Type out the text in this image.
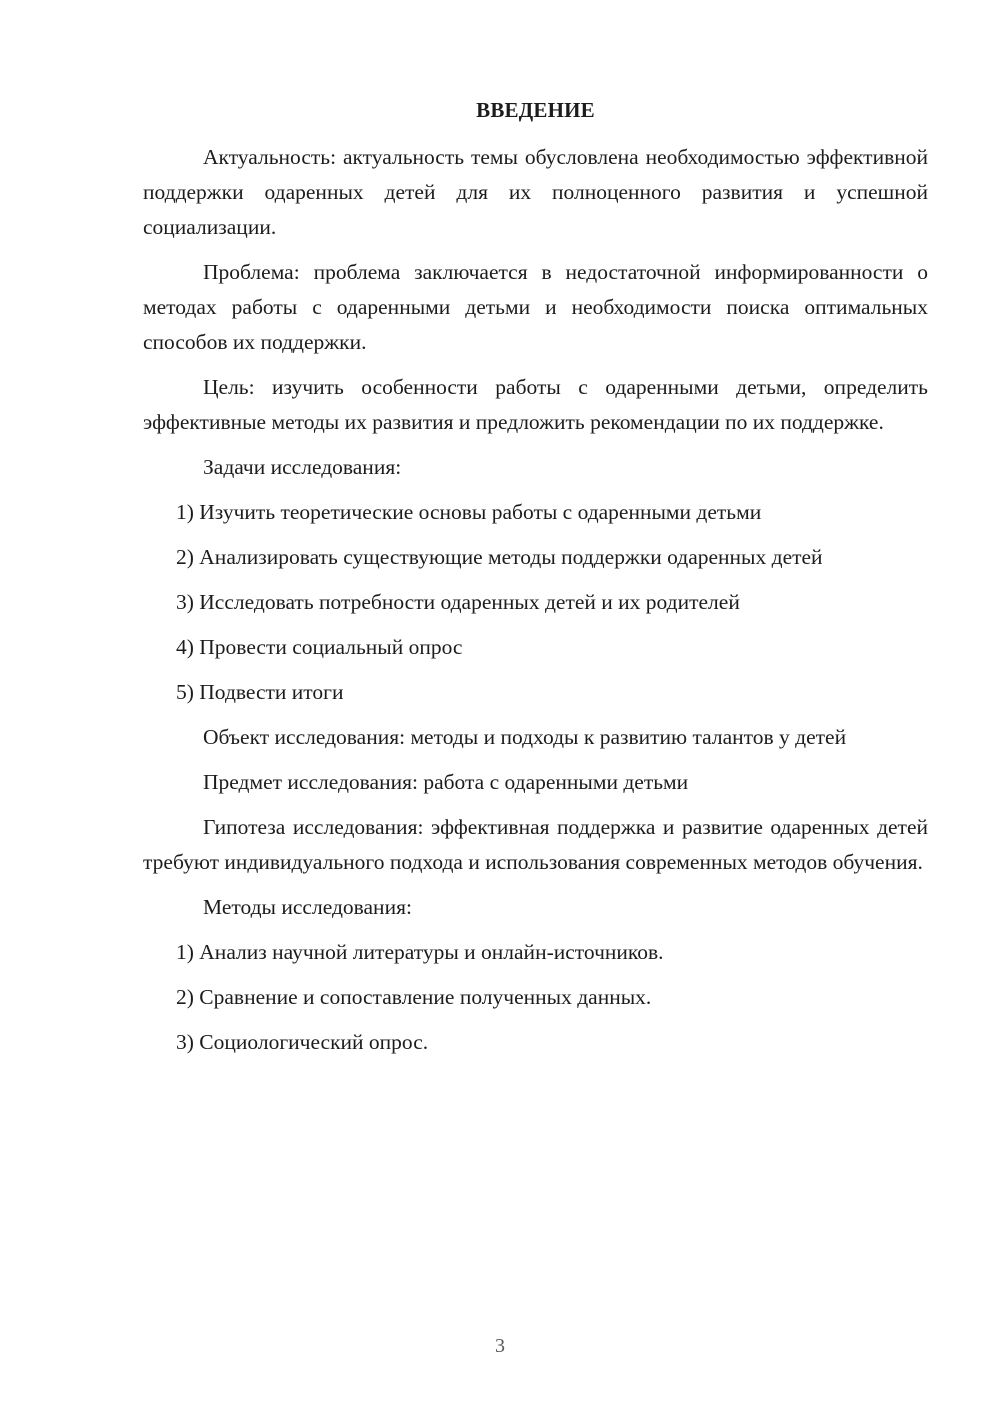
ВВЕДЕНИЕ

Актуальность: актуальность темы обусловлена необходимостью эффективной поддержки одаренных детей для их полноценного развития и успешной социализации.

Проблема: проблема заключается в недостаточной информированности о методах работы с одаренными детьми и необходимости поиска оптимальных способов их поддержки.

Цель: изучить особенности работы с одаренными детьми, определить эффективные методы их развития и предложить рекомендации по их поддержке.

Задачи исследования:

1) Изучить теоретические основы работы с одаренными детьми
2) Анализировать существующие методы поддержки одаренных детей
3) Исследовать потребности одаренных детей и их родителей
4) Провести социальный опрос
5) Подвести итоги

Объект исследования: методы и подходы к развитию талантов у детей

Предмет исследования: работа с одаренными детьми

Гипотеза исследования: эффективная поддержка и развитие одаренных детей требуют индивидуального подхода и использования современных методов обучения.

Методы исследования:

1) Анализ научной литературы и онлайн-источников.
2) Сравнение и сопоставление полученных данных.
3) Социологический опрос.
3
